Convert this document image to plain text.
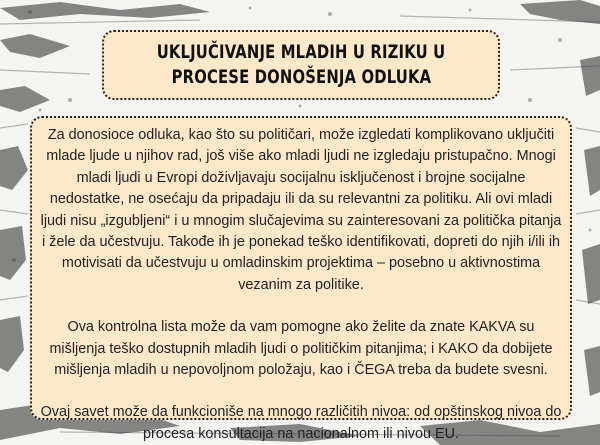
UKLJUČIVANJE MLADIH U RIZIKU U
PROCESE DONOŠENJA ODLUKA

Za donosioce odluka, kao što su političari, može izgledati komplikovano uključiti mlade ljude u njihov rad, još više ako mladi ljudi ne izgledaju pristupačno. Mnogi mladi ljudi u Evropi doživljavaju socijalnu isključenost i brojne socijalne nedostatke, ne osećaju da pripadaju ili da su relevantni za politiku. Ali ovi mladi ljudi nisu „izgubljeni“ i u mnogim slučajevima su zainteresovani za politička pitanja i žele da učestvuju. Takođe ih je ponekad teško identifikovati, dopreti do njih i/ili ih motivisati da učestvuju u omladinskim projektima – posebno u aktivnostima vezanim za politike.

Ova kontrolna lista može da vam pomogne ako želite da znate KAKVA su mišljenja teško dostupnih mladih ljudi o političkim pitanjima; i KAKO da dobijete mišljenja mladih u nepovoljnom položaju, kao i ČEGA treba da budete svesni.

Ovaj savet može da funkcioniše na mnogo različitih nivoa: od opštinskog nivoa do procesa konsultacija na nacionalnom ili nivou EU.
